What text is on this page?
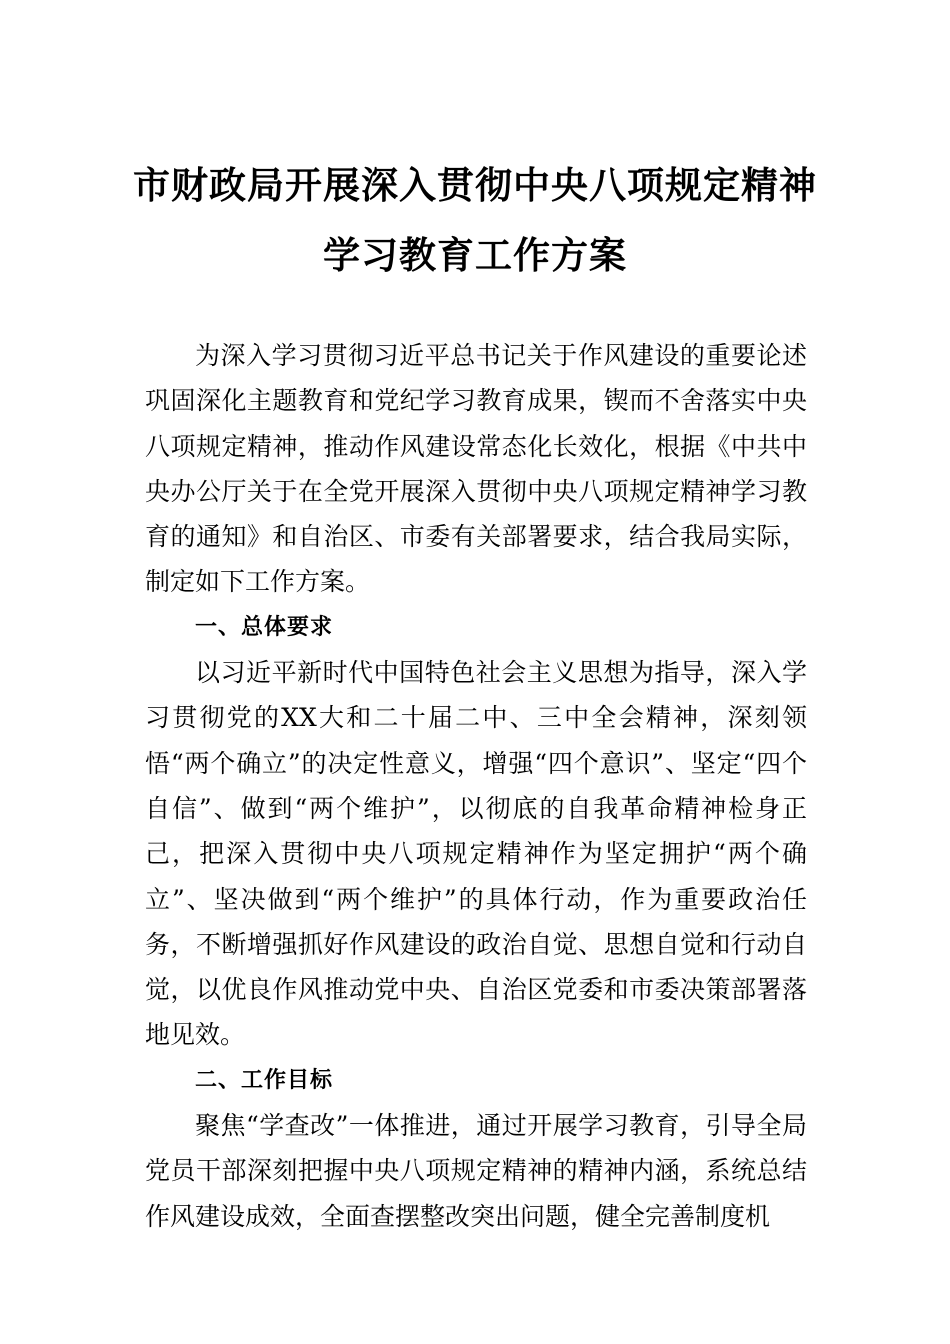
市财政局开展深入贯彻中央八项规定精神
学习教育工作方案

为深入学习贯彻习近平总书记关于作风建设的重要论述巩固深化主题教育和党纪学习教育成果，锲而不舍落实中央八项规定精神，推动作风建设常态化长效化，根据《中共中央办公厅关于在全党开展深入贯彻中央八项规定精神学习教育的通知》和自治区、市委有关部署要求，结合我局实际，制定如下工作方案。

一、总体要求

以习近平新时代中国特色社会主义思想为指导，深入学习贯彻党的XX大和二十届二中、三中全会精神，深刻领悟“两个确立”的决定性意义，增强“四个意识”、坚定“四个自信”、做到“两个维护”，以彻底的自我革命精神检身正己，把深入贯彻中央八项规定精神作为坚定拥护“两个确立”、坚决做到“两个维护”的具体行动，作为重要政治任务，不断增强抓好作风建设的政治自觉、思想自觉和行动自觉，以优良作风推动党中央、自治区党委和市委决策部署落地见效。

二、工作目标

聚焦“学查改”一体推进，通过开展学习教育，引导全局党员干部深刻把握中央八项规定精神的精神内涵，系统总结作风建设成效，全面查摆整改突出问题，健全完善制度机
